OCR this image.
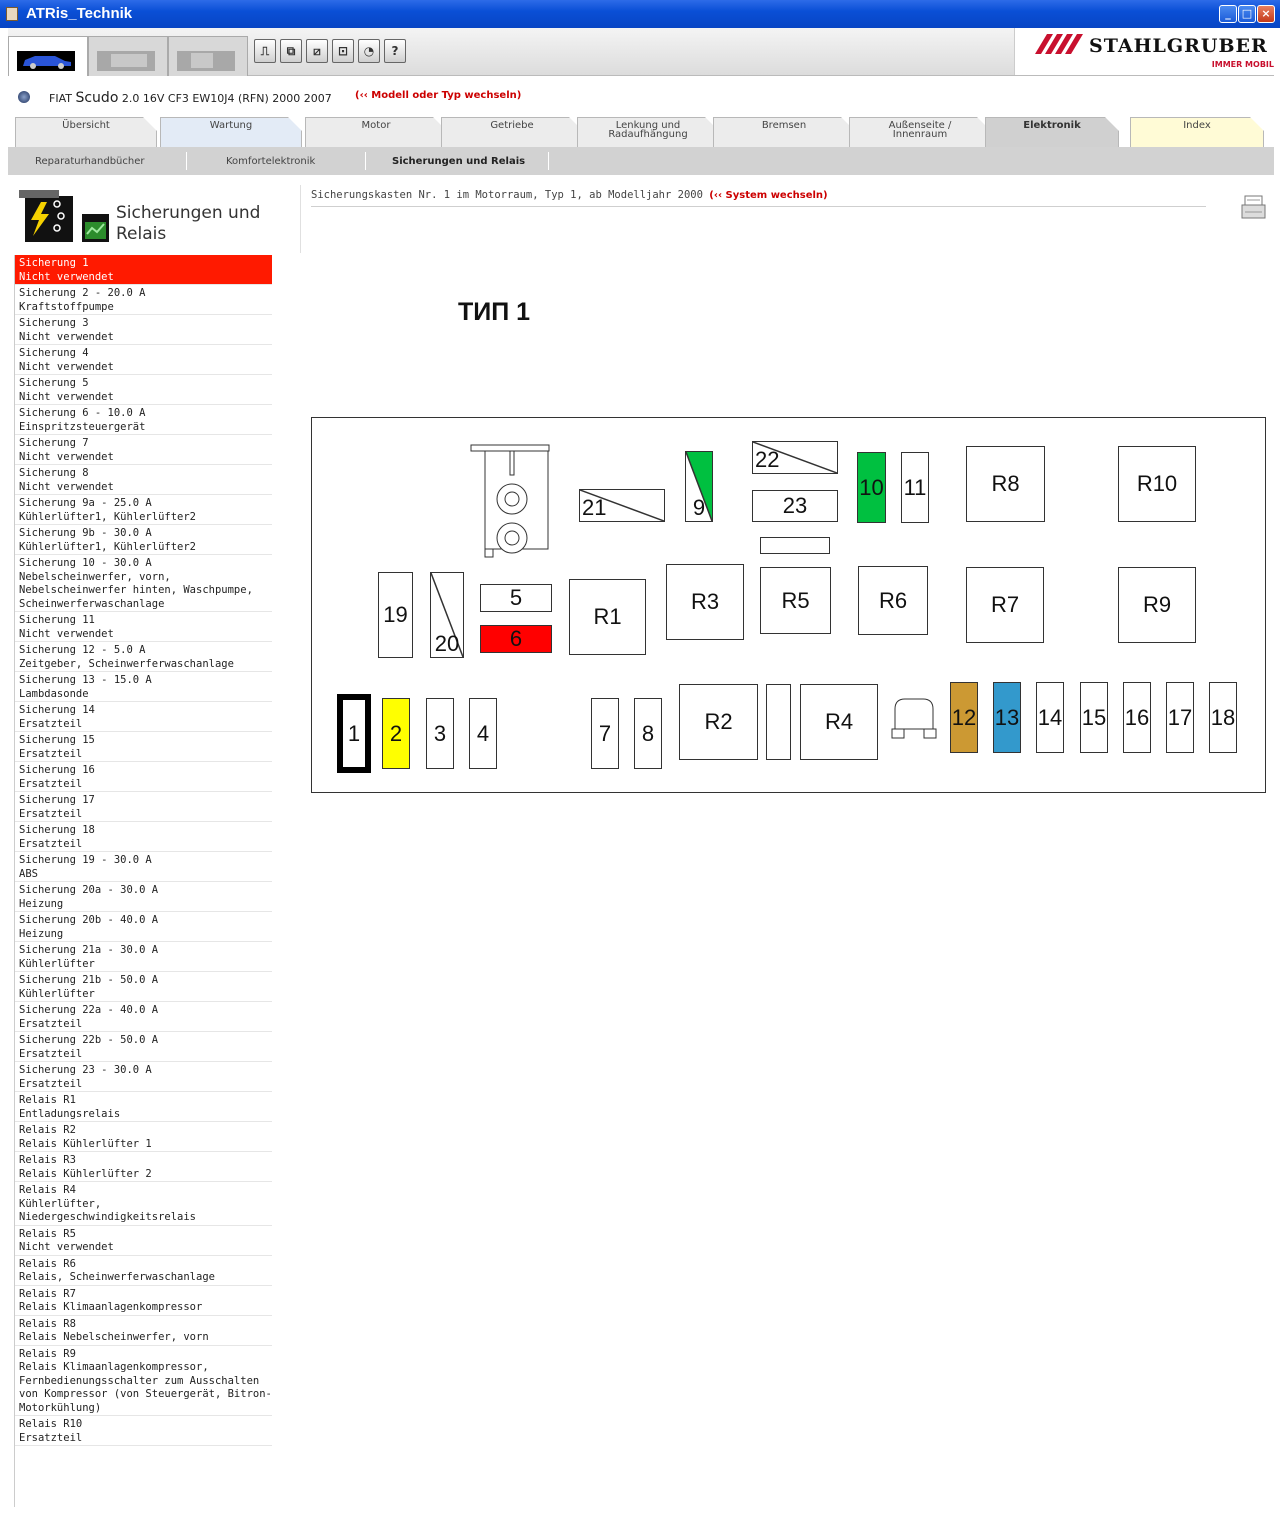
ATRis_Technik	_	□ ×
⎍	⧉	⧄	⊡	◔	?	STAHLGRUBER
IMMER MOBIL
FIAT Scudo 2.0 16V CF3 EW10J4 (RFN) 2000 2007 (‹‹ Modell oder Typ wechseln)
Übersicht	Wartung	Motor	Getriebe	Lenkung und Radaufhängung
Bremsen	Außenseite / Innenraum
Elektronik	Index
Reparaturhandbücher	Komfortelektronik	Sicherungen und Relais
Sicherungen und Relais
Sicherung 1
Nicht verwendet
Sicherung 2 - 20.0 A
Kraftstoffpumpe
Sicherung 3
Nicht verwendet
Sicherung 4
Nicht verwendet
Sicherung 5
Nicht verwendet
Sicherung 6 - 10.0 A
Einspritzsteuergerät
Sicherung 7
Nicht verwendet
Sicherung 8
Nicht verwendet
Sicherung 9a - 25.0 A
Kühlerlüfter1, Kühlerlüfter2
Sicherung 9b - 30.0 A
Kühlerlüfter1, Kühlerlüfter2
Sicherung 10 - 30.0 A
Nebelscheinwerfer, vorn, Nebelscheinwerfer hinten, Waschpumpe, Scheinwerferwaschanlage
Sicherung 11
Nicht verwendet
Sicherung 12 - 5.0 A
Zeitgeber, Scheinwerferwaschanlage
Sicherung 13 - 15.0 A
Lambdasonde
Sicherung 14
Ersatzteil
Sicherung 15
Ersatzteil
Sicherung 16
Ersatzteil
Sicherung 17
Ersatzteil
Sicherung 18
Ersatzteil
Sicherung 19 - 30.0 A
ABS
Sicherung 20a - 30.0 A
Heizung
Sicherung 20b - 40.0 A
Heizung
Sicherung 21a - 30.0 A
Kühlerlüfter
Sicherung 21b - 50.0 A
Kühlerlüfter
Sicherung 22a - 40.0 A
Ersatzteil
Sicherung 22b - 50.0 A
Ersatzteil
Sicherung 23 - 30.0 A
Ersatzteil
Relais R1
Entladungsrelais
Relais R2
Relais Kühlerlüfter 1
Relais R3
Relais Kühlerlüfter 2
Relais R4
Kühlerlüfter, Niedergeschwindigkeitsrelais
Relais R5
Nicht verwendet
Relais R6
Relais, Scheinwerferwaschanlage
Relais R7
Relais Klimaanlagenkompressor
Relais R8
Relais Nebelscheinwerfer, vorn
Relais R9
Relais Klimaanlagenkompressor, Fernbedienungsschalter zum Ausschalten von Kompressor (von Steuergerät, Bitron-Motorkühlung)
Relais R10
Ersatzteil
Sicherungskasten Nr. 1 im Motorraum, Typ 1, ab Modelljahr 2000 (‹‹ System wechseln)
ТИП 1
21	9
22
23
10 11	R8	R10
19
20
5
6
R1
R3	R5	R6	R7	R9
1 2 3 4	7 8 R2	R4	12 13 14 15 16 17 18
